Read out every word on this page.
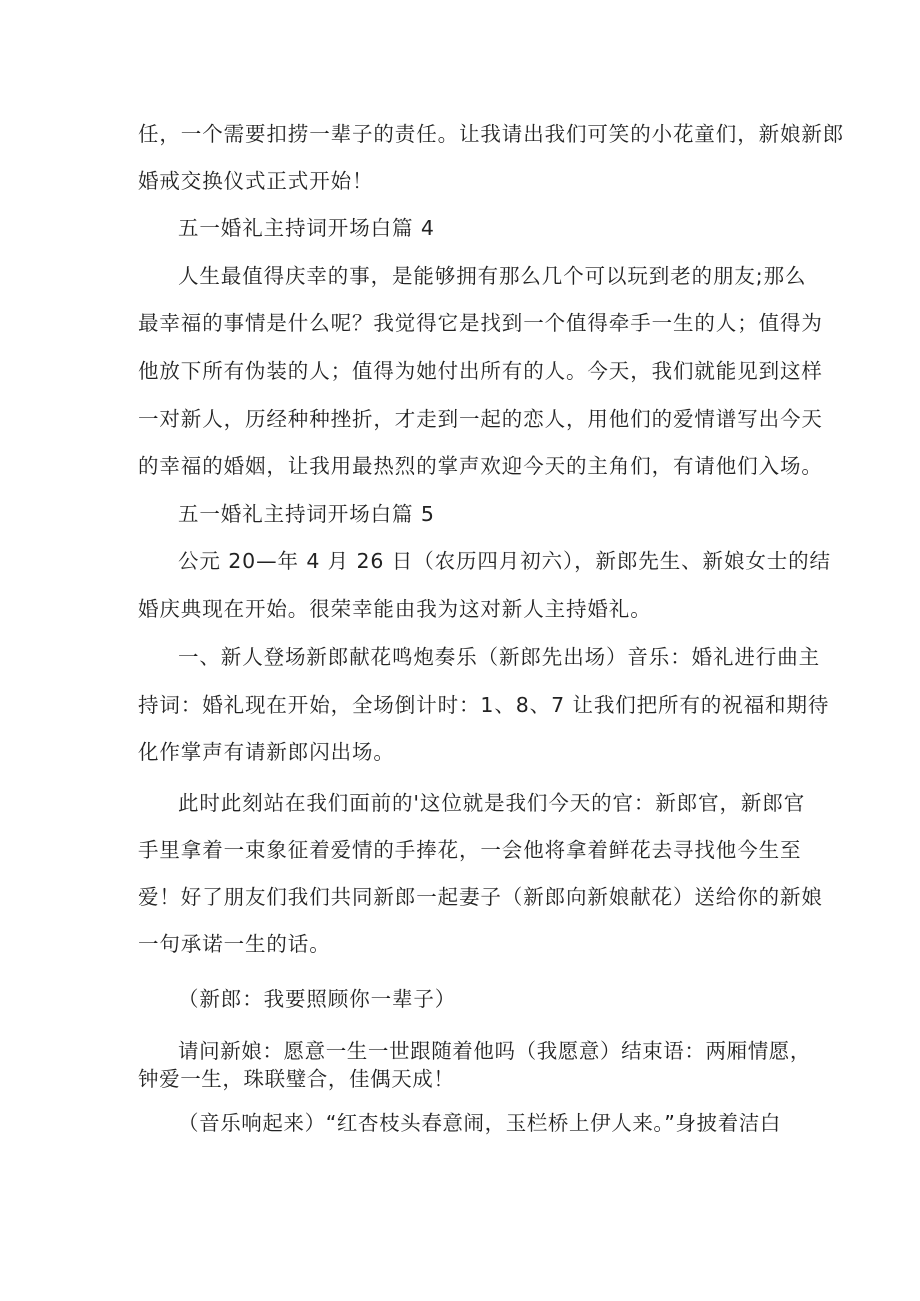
任，一个需要扣捞一辈子的责任。让我请出我们可笑的小花童们，新娘新郎
婚戒交换仪式正式开始！
五一婚礼主持词开场白篇 4
人生最值得庆幸的事，是能够拥有那么几个可以玩到老的朋友;那么
最幸福的事情是什么呢？我觉得它是找到一个值得牵手一生的人；值得为
他放下所有伪装的人；值得为她付出所有的人。今天，我们就能见到这样
一对新人，历经种种挫折，才走到一起的恋人，用他们的爱情谱写出今天
的幸福的婚姻，让我用最热烈的掌声欢迎今天的主角们，有请他们入场。
五一婚礼主持词开场白篇 5
公元 20—年 4 月 26 日（农历四月初六），新郎先生、新娘女士的结
婚庆典现在开始。很荣幸能由我为这对新人主持婚礼。
一、新人登场新郎献花鸣炮奏乐（新郎先出场）音乐：婚礼进行曲主
持词：婚礼现在开始，全场倒计时：1、8、7 让我们把所有的祝福和期待
化作掌声有请新郎闪出场。
此时此刻站在我们面前的'这位就是我们今天的官：新郎官，新郎官
手里拿着一束象征着爱情的手捧花，一会他将拿着鲜花去寻找他今生至
爱！好了朋友们我们共同新郎一起妻子（新郎向新娘献花）送给你的新娘
一句承诺一生的话。
（新郎：我要照顾你一辈子）
请问新娘：愿意一生一世跟随着他吗（我愿意）结束语：两厢情愿，
钟爱一生，珠联璧合，佳偶天成！
（音乐响起来）“红杏枝头春意闹，玉栏桥上伊人来。”身披着洁白
